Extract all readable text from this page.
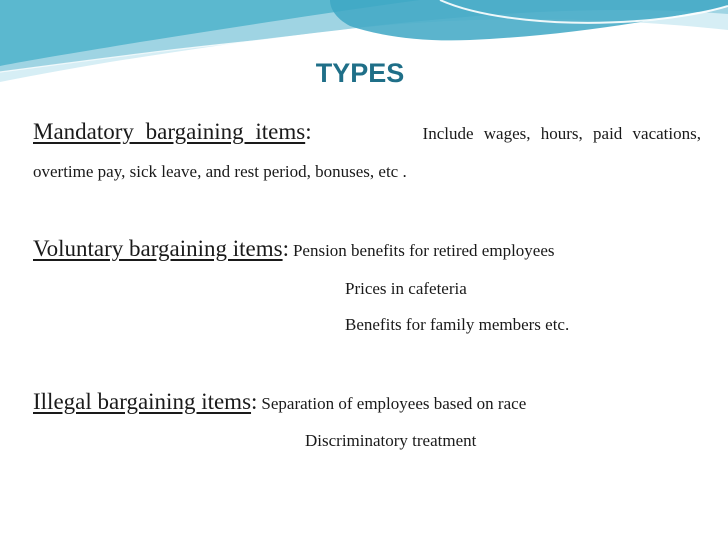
TYPES
Mandatory bargaining items:	Include wages, hours, paid vacations,
overtime pay, sick leave, and rest period, bonuses, etc .
Voluntary bargaining items: Pension benefits for retired employees
Prices in cafeteria
Benefits for family members etc.
Illegal bargaining items: Separation of employees based on race
Discriminatory treatment
